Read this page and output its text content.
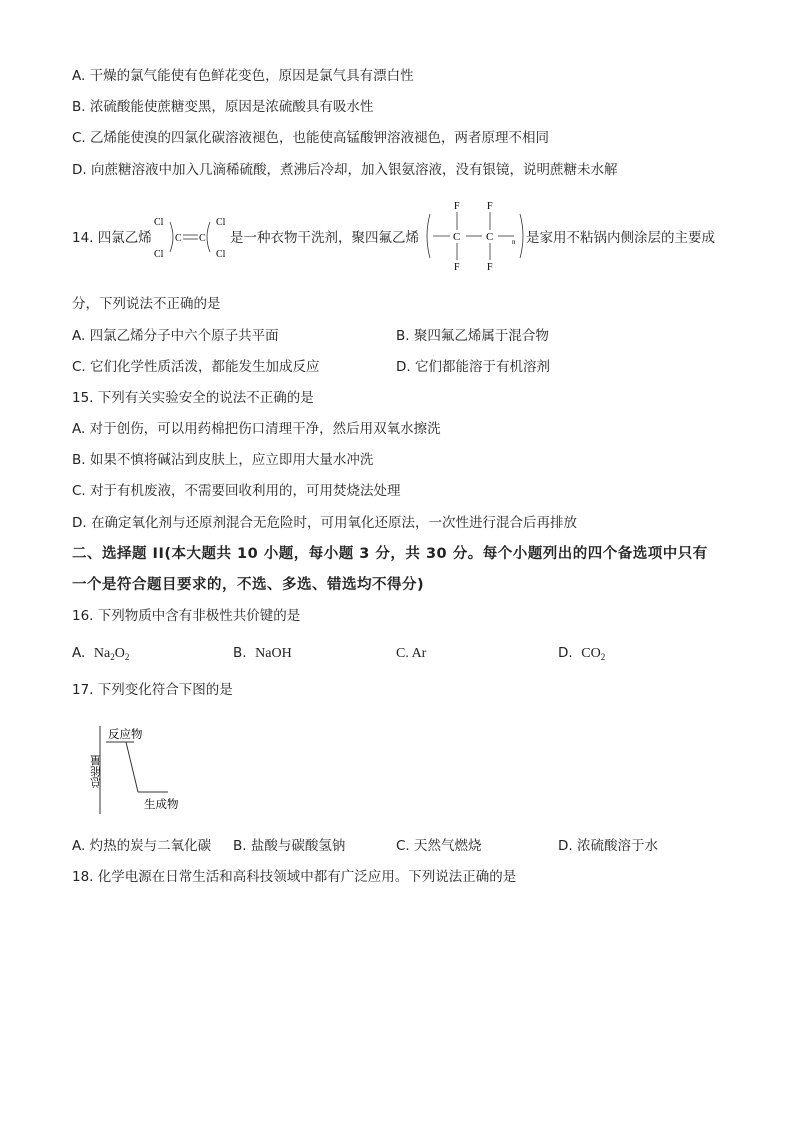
A. 干燥的氯气能使有色鲜花变色，原因是氯气具有漂白性
B. 浓硫酸能使蔗糖变黑，原因是浓硫酸具有吸水性
C. 乙烯能使溴的四氯化碳溶液褪色，也能使高锰酸钾溶液褪色，两者原理不相同
D. 向蔗糖溶液中加入几滴稀硫酸，煮沸后冷却，加入银氨溶液，没有银镜，说明蔗糖未水解
14. 四氯乙烯
Cl
Cl
Cl
Cl
C C 是一种衣物干洗剂，聚四氟乙烯
F
C
F
F
C
F
n 是家用不粘锅内侧涂层的主要成
分，下列说法不正确的是
A. 四氯乙烯分子中六个原子共平面	B. 聚四氟乙烯属于混合物
C. 它们化学性质活泼，都能发生加成反应	D. 它们都能溶于有机溶剂
15. 下列有关实验安全的说法不正确的是
A. 对于创伤，可以用药棉把伤口清理干净，然后用双氧水擦洗
B. 如果不慎将碱沾到皮肤上，应立即用大量水冲洗
C. 对于有机废液，不需要回收利用的，可用焚烧法处理
D. 在确定氧化剂与还原剂混合无危险时，可用氧化还原法，一次性进行混合后再排放
二、选择题 II(本大题共 10 小题，每小题 3 分，共 30 分。每个小题列出的四个备选项中只有
一个是符合题目要求的，不选、多选、错选均不得分)
16. 下列物质中含有非极性共价键的是
A. $Na_2O_2$	B. NaOH	C. Ar	D. $CO_2$
17. 下列变化符合下图的是
总能量
反应物
生成物
A. 灼热的炭与二氧化碳 B. 盐酸与碳酸氢钠	C. 天然气燃烧	D. 浓硫酸溶于水
18. 化学电源在日常生活和高科技领域中都有广泛应用。下列说法正确的是
